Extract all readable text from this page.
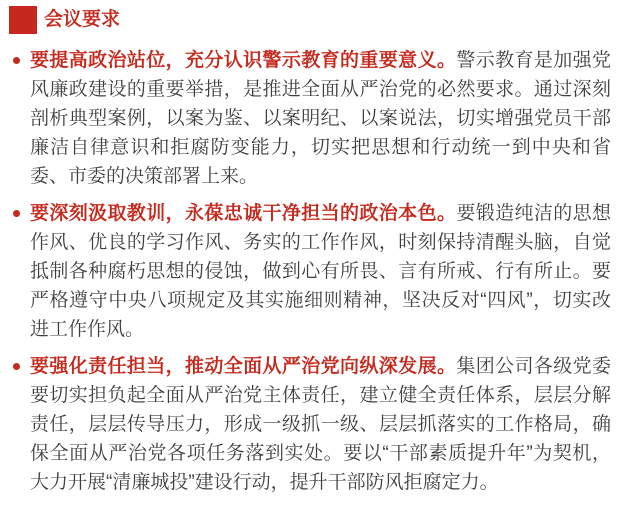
会议要求
要提高政治站位，充分认识警示教育的重要意义。警示教育是加强党风廉政建设的重要举措，是推进全面从严治党的必然要求。通过深刻剖析典型案例，以案为鉴、以案明纪、以案说法，切实增强党员干部廉洁自律意识和拒腐防变能力，切实把思想和行动统一到中央和省委、市委的决策部署上来。
要深刻汲取教训，永葆忠诚干净担当的政治本色。要锻造纯洁的思想作风、优良的学习作风、务实的工作作风，时刻保持清醒头脑，自觉抵制各种腐朽思想的侵蚀，做到心有所畏、言有所戒、行有所止。要严格遵守中央八项规定及其实施细则精神，坚决反对“四风”，切实改进工作作风。
要强化责任担当，推动全面从严治党向纵深发展。集团公司各级党委要切实担负起全面从严治党主体责任，建立健全责任体系，层层分解责任，层层传导压力，形成一级抓一级、层层抓落实的工作格局，确保全面从严治党各项任务落到实处。要以“干部素质提升年”为契机，大力开展“清廉城投”建设行动，提升干部防风拒腐定力。
